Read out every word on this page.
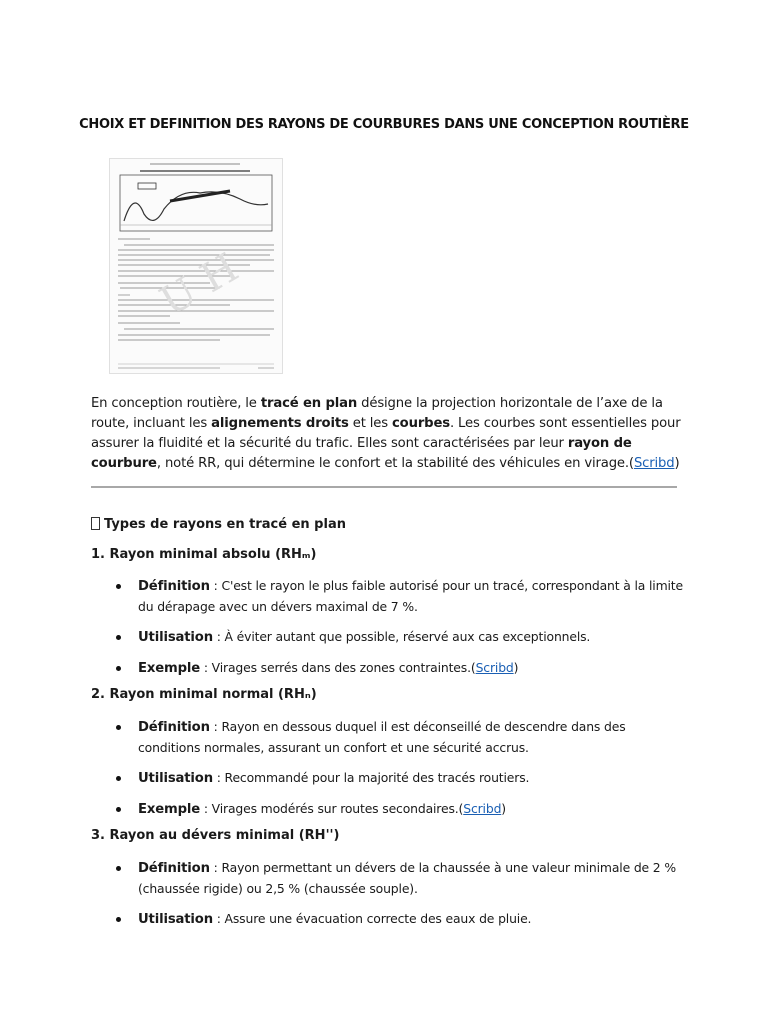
CHOIX ET DEFINITION DES RAYONS DE COURBURES DANS UNE CONCEPTION ROUTIÈRE
U H

En conception routière, le tracé en plan désigne la projection horizontale de l’axe de la route, incluant les alignements droits et les courbes. Les courbes sont essentielles pour assurer la fluidité et la sécurité du trafic. Elles sont caractérisées par leur rayon de courbure, noté RR, qui détermine le confort et la stabilité des véhicules en virage.(Scribd)

Types de rayons en tracé en plan
1. Rayon minimal absolu (RHₘ)
Définition : C'est le rayon le plus faible autorisé pour un tracé, correspondant à la limite du dérapage avec un dévers maximal de 7 %.
Utilisation : À éviter autant que possible, réservé aux cas exceptionnels.
Exemple : Virages serrés dans des zones contraintes.(Scribd)
2. Rayon minimal normal (RHₙ)
Définition : Rayon en dessous duquel il est déconseillé de descendre dans des conditions normales, assurant un confort et une sécurité accrus.
Utilisation : Recommandé pour la majorité des tracés routiers.
Exemple : Virages modérés sur routes secondaires.(Scribd)
3. Rayon au dévers minimal (RH'')
Définition : Rayon permettant un dévers de la chaussée à une valeur minimale de 2 % (chaussée rigide) ou 2,5 % (chaussée souple).
Utilisation : Assure une évacuation correcte des eaux de pluie.
